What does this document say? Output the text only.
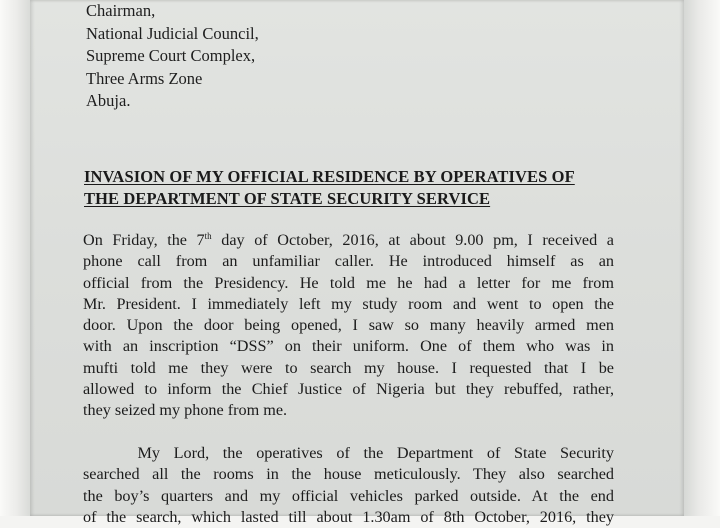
Chairman,
National Judicial Council,
Supreme Court Complex,
Three Arms Zone
Abuja.
INVASION OF MY OFFICIAL RESIDENCE BY OPERATIVES OF
THE DEPARTMENT OF STATE SECURITY SERVICE
On Friday, the 7th day of October, 2016, at about 9.00 pm, I received a
phone call from an unfamiliar caller. He introduced himself as an
official from the Presidency. He told me he had a letter for me from
Mr. President. I immediately left my study room and went to open the
door. Upon the door being opened, I saw so many heavily armed men
with an inscription “DSS” on their uniform. One of them who was in
mufti told me they were to search my house. I requested that I be
allowed to inform the Chief Justice of Nigeria but they rebuffed, rather,
they seized my phone from me.
My Lord, the operatives of the Department of State Security
searched all the rooms in the house meticulously. They also searched
the boy’s quarters and my official vehicles parked outside. At the end
of the search, which lasted till about 1.30am of 8th October, 2016, they
